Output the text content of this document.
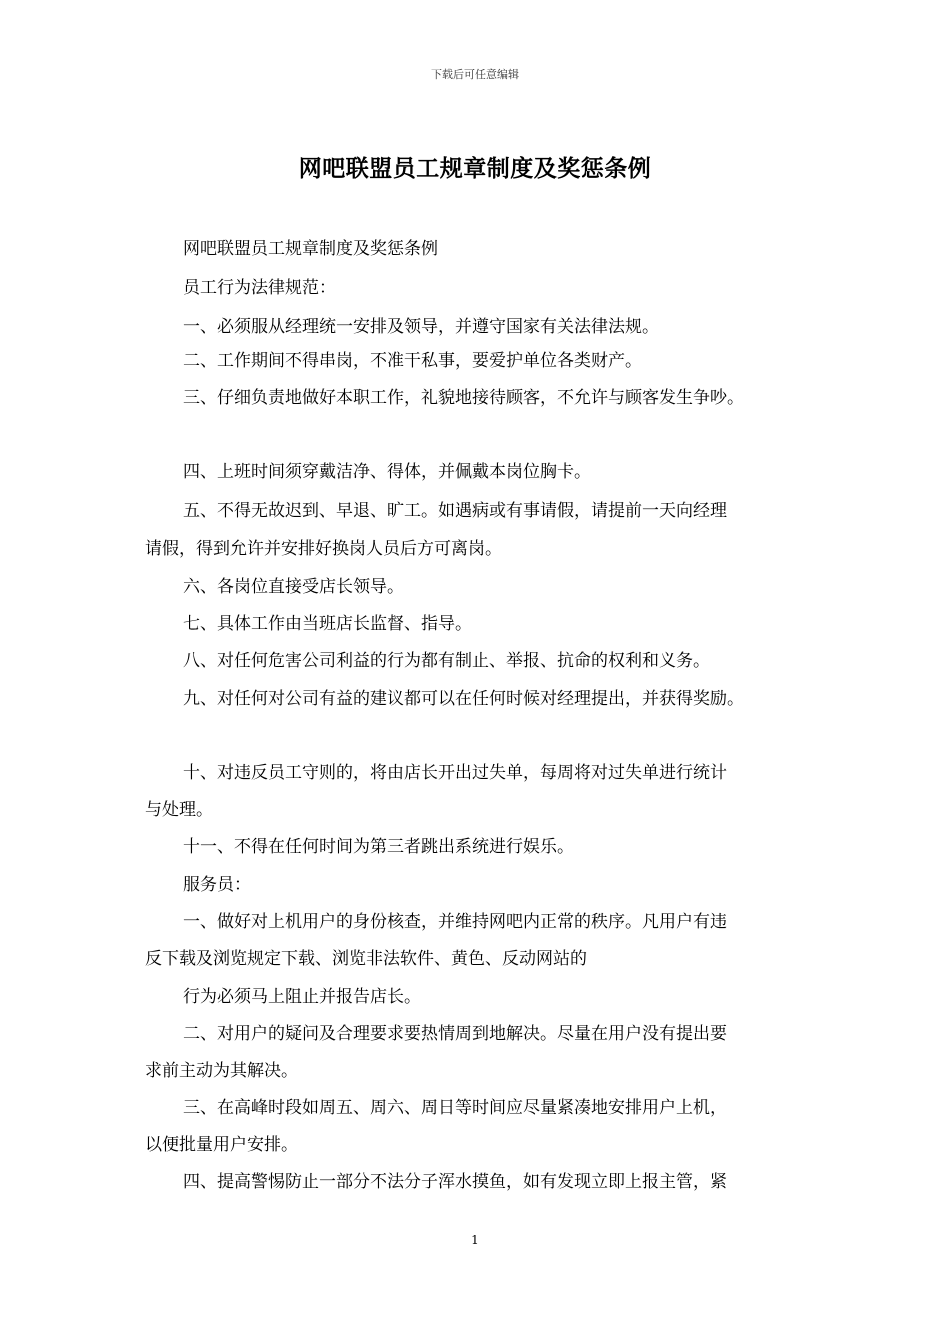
下载后可任意编辑
网吧联盟员工规章制度及奖惩条例
网吧联盟员工规章制度及奖惩条例
员工行为法律规范：
一、必须服从经理统一安排及领导，并遵守国家有关法律法规。
二、工作期间不得串岗，不准干私事，要爱护单位各类财产。
三、仔细负责地做好本职工作，礼貌地接待顾客，不允许与顾客发生争吵。
四、上班时间须穿戴洁净、得体，并佩戴本岗位胸卡。
五、不得无故迟到、早退、旷工。如遇病或有事请假，请提前一天向经理
请假，得到允许并安排好换岗人员后方可离岗。
六、各岗位直接受店长领导。
七、具体工作由当班店长监督、指导。
八、对任何危害公司利益的行为都有制止、举报、抗命的权利和义务。
九、对任何对公司有益的建议都可以在任何时候对经理提出，并获得奖励。
十、对违反员工守则的，将由店长开出过失单，每周将对过失单进行统计
与处理。
十一、不得在任何时间为第三者跳出系统进行娱乐。
服务员：
一、做好对上机用户的身份核查，并维持网吧内正常的秩序。凡用户有违
反下载及浏览规定下载、浏览非法软件、黄色、反动网站的
行为必须马上阻止并报告店长。
二、对用户的疑问及合理要求要热情周到地解决。尽量在用户没有提出要
求前主动为其解决。
三、在高峰时段如周五、周六、周日等时间应尽量紧凑地安排用户上机，
以便批量用户安排。
四、提高警惕防止一部分不法分子浑水摸鱼，如有发现立即上报主管，紧
1
